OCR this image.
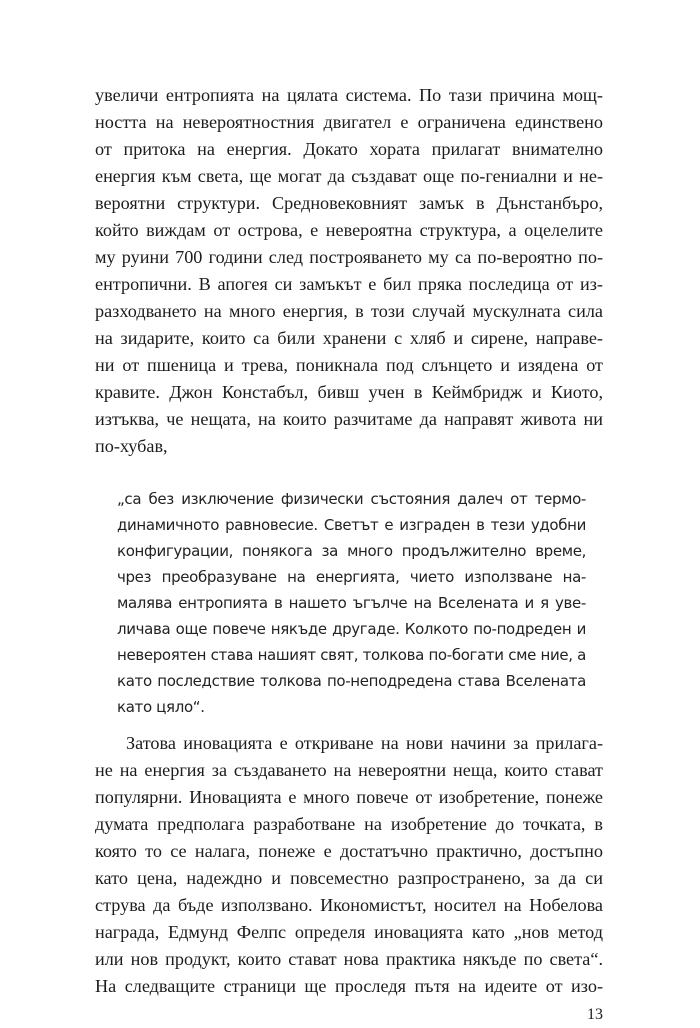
увеличи ентропията на цялата система. По тази причина мощ-
ността на невероятностния двигател е ограничена единствено
от притока на енергия. Докато хората прилагат внимателно
енергия към света, ще могат да създават още по-гениални и не-
вероятни структури. Средновековният замък в Дънстанбъро,
който виждам от острова, е невероятна структура, а оцелелите
му руини 700 години след построяването му са по-вероятно по-
ентропични. В апогея си замъкът е бил пряка последица от из-
разходването на много енергия, в този случай мускулната сила
на зидарите, които са били хранени с хляб и сирене, направе-
ни от пшеница и трева, поникнала под слънцето и изядена от
кравите. Джон Констабъл, бивш учен в Кеймбридж и Киото,
изтъква, че нещата, на които разчитаме да направят живота ни
по-хубав,
„са без изключение физически състояния далеч от термо-
динамичното равновесие. Светът е изграден в тези удобни
конфигурации, понякога за много продължително време,
чрез преобразуване на енергията, чието използване на-
малява ентропията в нашето ъгълче на Вселената и я уве-
личава още повече някъде другаде. Колкото по-подреден и
невероятен става нашият свят, толкова по-богати сме ние, а
като последствие толкова по-неподредена става Вселената
като цяло“.
Затова иновацията е откриване на нови начини за прилага-
не на енергия за създаването на невероятни неща, които стават
популярни. Иновацията е много повече от изобретение, понеже
думата предполага разработване на изобретение до точката, в
която то се налага, понеже е достатъчно практично, достъпно
като цена, надеждно и повсеместно разпространено, за да си
струва да бъде използвано. Икономистът, носител на Нобелова
награда, Едмунд Фелпс определя иновацията като „нов метод
или нов продукт, които стават нова практика някъде по света“.
На следващите страници ще проследя пътя на идеите от изо-
13
